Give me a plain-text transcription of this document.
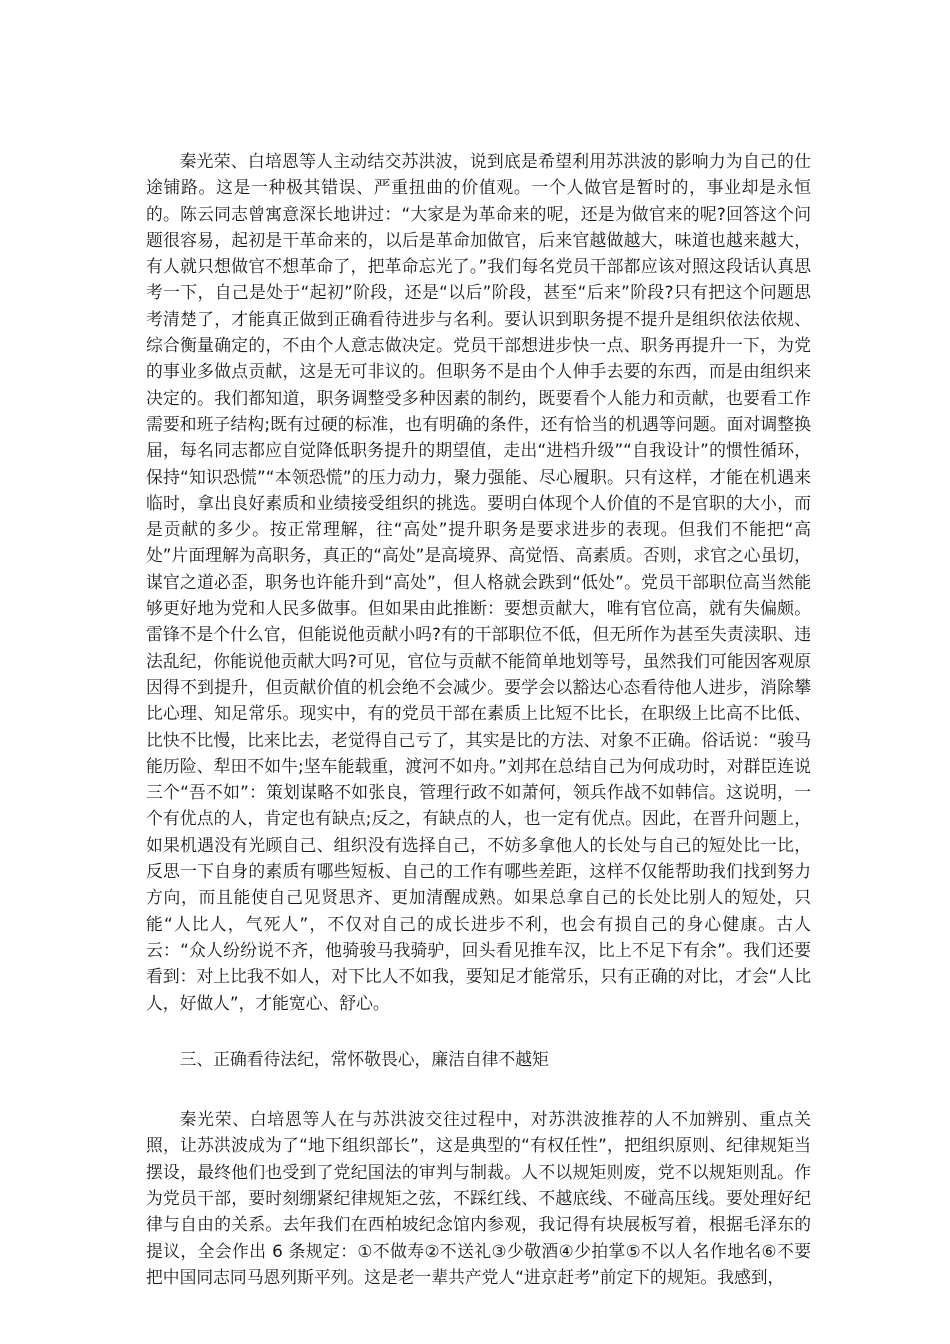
秦光荣、白培恩等人主动结交苏洪波，说到底是希望利用苏洪波的影响力为自己的仕途铺路。这是一种极其错误、严重扭曲的价值观。一个人做官是暂时的，事业却是永恒的。陈云同志曾寓意深长地讲过：“大家是为革命来的呢，还是为做官来的呢?回答这个问题很容易，起初是干革命来的，以后是革命加做官，后来官越做越大，味道也越来越大，有人就只想做官不想革命了，把革命忘光了。”我们每名党员干部都应该对照这段话认真思考一下，自己是处于“起初”阶段，还是“以后”阶段，甚至“后来”阶段?只有把这个问题思考清楚了，才能真正做到正确看待进步与名利。要认识到职务提不提升是组织依法依规、综合衡量确定的，不由个人意志做决定。党员干部想进步快一点、职务再提升一下，为党的事业多做点贡献，这是无可非议的。但职务不是由个人伸手去要的东西，而是由组织来决定的。我们都知道，职务调整受多种因素的制约，既要看个人能力和贡献，也要看工作需要和班子结构;既有过硬的标准，也有明确的条件，还有恰当的机遇等问题。面对调整换届，每名同志都应自觉降低职务提升的期望值，走出“进档升级”“自我设计”的惯性循环，保持“知识恐慌”“本领恐慌”的压力动力，聚力强能、尽心履职。只有这样，才能在机遇来临时，拿出良好素质和业绩接受组织的挑选。要明白体现个人价值的不是官职的大小，而是贡献的多少。按正常理解，往“高处”提升职务是要求进步的表现。但我们不能把“高处”片面理解为高职务，真正的“高处”是高境界、高觉悟、高素质。否则，求官之心虽切，谋官之道必歪，职务也许能升到“高处”，但人格就会跌到“低处”。党员干部职位高当然能够更好地为党和人民多做事。但如果由此推断：要想贡献大，唯有官位高，就有失偏颇。雷锋不是个什么官，但能说他贡献小吗?有的干部职位不低，但无所作为甚至失责渎职、违法乱纪，你能说他贡献大吗?可见，官位与贡献不能简单地划等号，虽然我们可能因客观原因得不到提升，但贡献价值的机会绝不会减少。要学会以豁达心态看待他人进步，消除攀比心理、知足常乐。现实中，有的党员干部在素质上比短不比长，在职级上比高不比低、比快不比慢，比来比去，老觉得自己亏了，其实是比的方法、对象不正确。俗话说：“骏马能历险、犁田不如牛;坚车能载重，渡河不如舟。”刘邦在总结自己为何成功时，对群臣连说三个“吾不如”：策划谋略不如张良，管理行政不如萧何，领兵作战不如韩信。这说明，一个有优点的人，肯定也有缺点;反之，有缺点的人，也一定有优点。因此，在晋升问题上，如果机遇没有光顾自己、组织没有选择自己，不妨多拿他人的长处与自己的短处比一比，反思一下自身的素质有哪些短板、自己的工作有哪些差距，这样不仅能帮助我们找到努力方向，而且能使自己见贤思齐、更加清醒成熟。如果总拿自己的长处比别人的短处，只能“人比人，气死人”，不仅对自己的成长进步不利，也会有损自己的身心健康。古人云：“众人纷纷说不齐，他骑骏马我骑驴，回头看见推车汉，比上不足下有余”。我们还要看到：对上比我不如人，对下比人不如我，要知足才能常乐，只有正确的对比，才会“人比人，好做人”，才能宽心、舒心。

三、正确看待法纪，常怀敬畏心，廉洁自律不越矩

秦光荣、白培恩等人在与苏洪波交往过程中，对苏洪波推荐的人不加辨别、重点关照，让苏洪波成为了“地下组织部长”，这是典型的“有权任性”，把组织原则、纪律规矩当摆设，最终他们也受到了党纪国法的审判与制裁。人不以规矩则废，党不以规矩则乱。作为党员干部，要时刻绷紧纪律规矩之弦，不踩红线、不越底线、不碰高压线。要处理好纪律与自由的关系。去年我们在西柏坡纪念馆内参观，我记得有块展板写着，根据毛泽东的提议，全会作出 6 条规定：①不做寿②不送礼③少敬酒④少拍掌⑤不以人名作地名⑥不要把中国同志同马恩列斯平列。这是老一辈共产党人“进京赶考”前定下的规矩。我感到，
